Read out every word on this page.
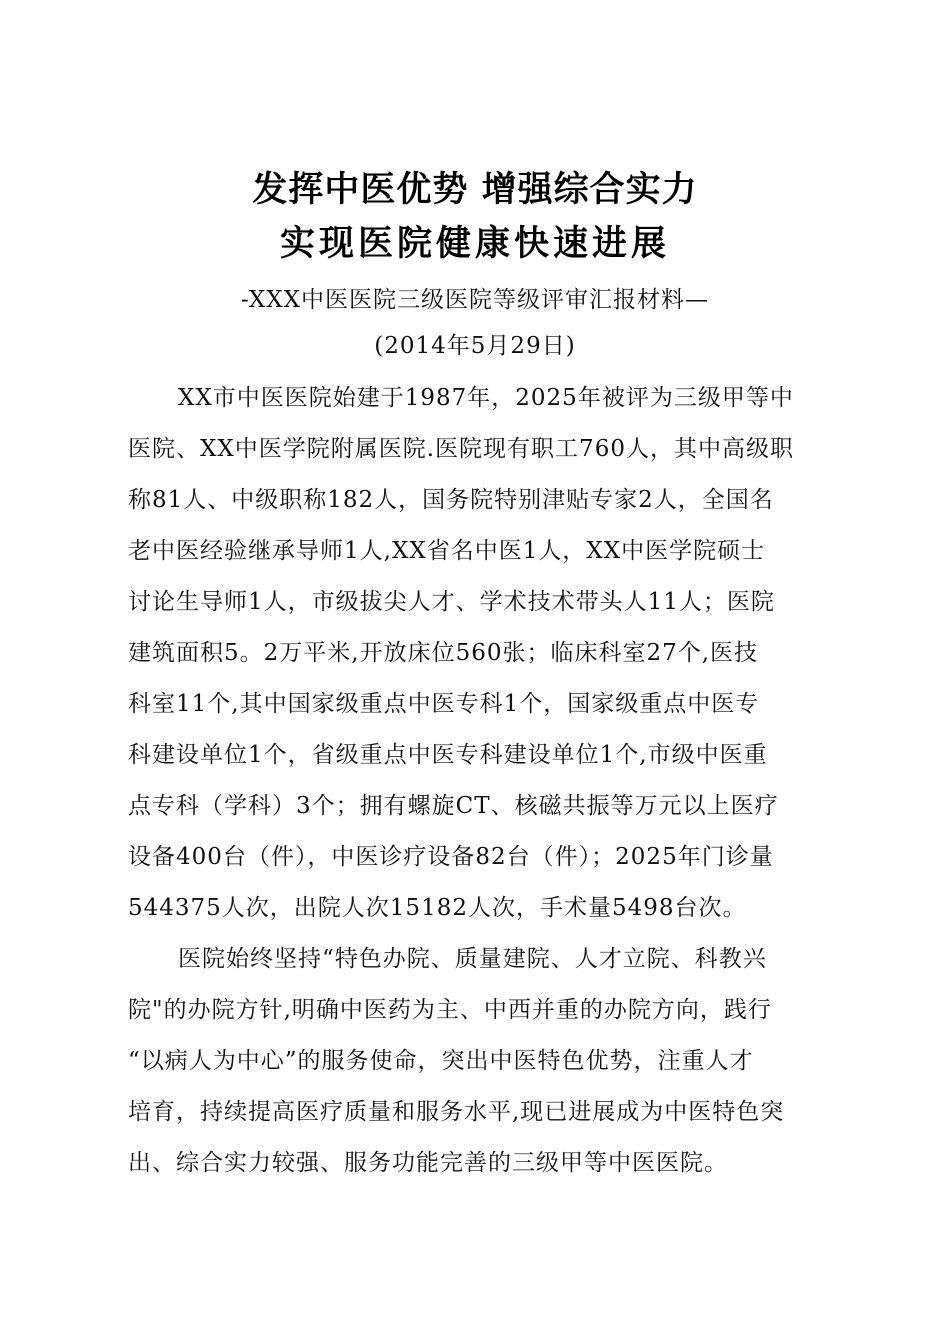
发挥中医优势 增强综合实力
实现医院健康快速进展
-XXX中医医院三级医院等级评审汇报材料—
(2014年5月29日)
XX市中医医院始建于1987年，2025年被评为三级甲等中
医院、XX中医学院附属医院.医院现有职工760人，其中高级职
称81人、中级职称182人，国务院特别津贴专家2人，全国名
老中医经验继承导师1人,XX省名中医1人，XX中医学院硕士
讨论生导师1人，市级拔尖人才、学术技术带头人11人；医院
建筑面积5。2万平米,开放床位560张；临床科室27个,医技
科室11个,其中国家级重点中医专科1个，国家级重点中医专
科建设单位1个，省级重点中医专科建设单位1个,市级中医重
点专科（学科）3个；拥有螺旋CT、核磁共振等万元以上医疗
设备400台（件），中医诊疗设备82台（件）；2025年门诊量
544375人次，出院人次15182人次，手术量5498台次。
医院始终坚持“特色办院、质量建院、人才立院、科教兴
院"的办院方针,明确中医药为主、中西并重的办院方向，践行
“以病人为中心”的服务使命，突出中医特色优势，注重人才
培育，持续提高医疗质量和服务水平,现已进展成为中医特色突
出、综合实力较强、服务功能完善的三级甲等中医医院。
